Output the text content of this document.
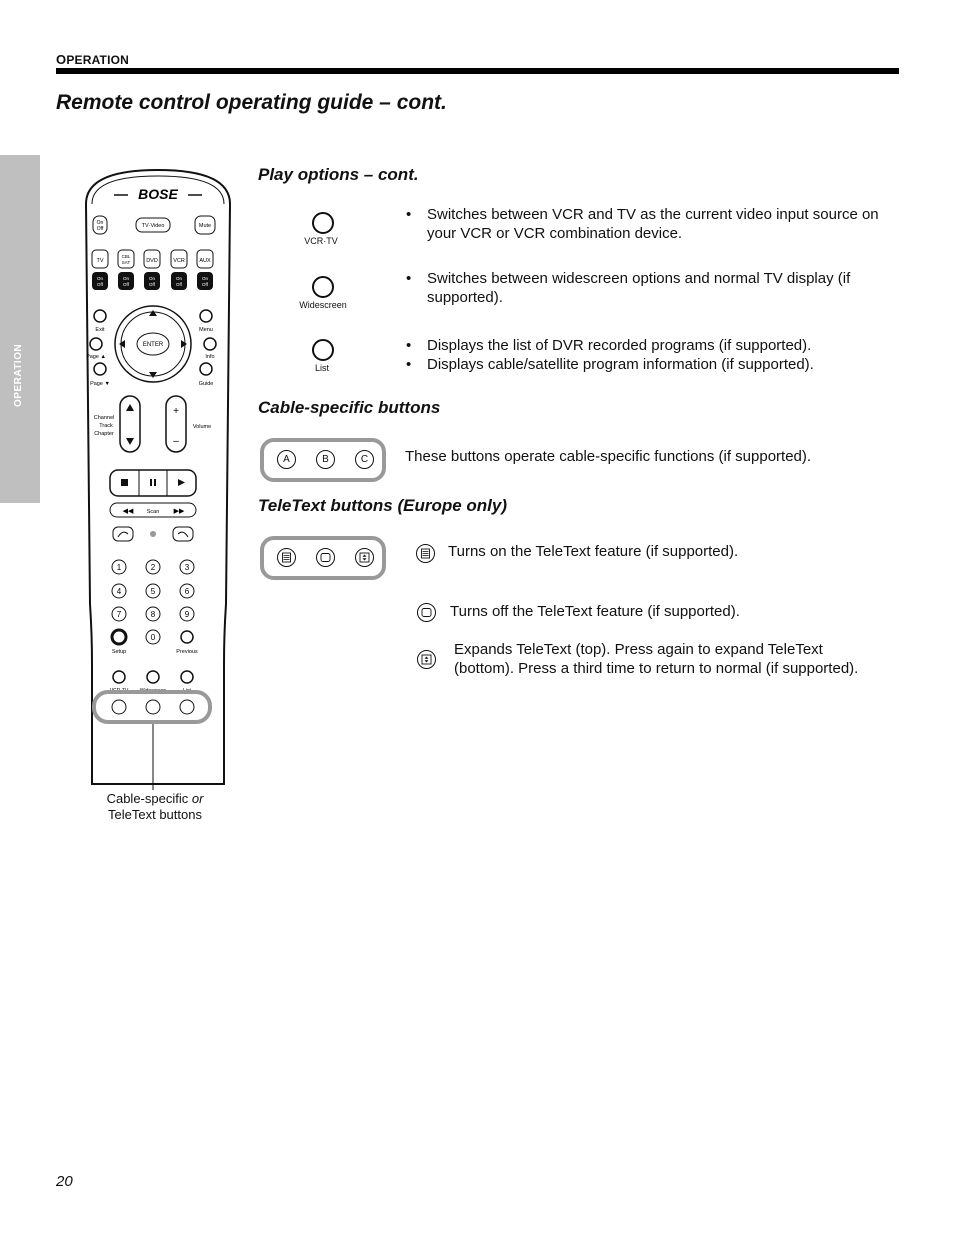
OPERATION
Remote control operating guide – cont.
OPERATION
BOSE
On
Off	TV·Video	Mute
TV
CBL
SAT	DVD	VCR	AUX
On
Off
On
Off
On
Off
On
Off
On
Off
ENTER
Exit	Menu
Page ▲	Info
Page ▼	Guide
+
–
Channel
Track
Chapter
Volume
◀◀ Scan ▶▶
1	2	3
4	5	6
7	8	9
0
Setup	Previous
Cable-specific or
TeleText buttons
Play options – cont.
VCR·TV
• Switches between VCR and TV as the current video input source on your VCR or VCR combination device.
Widescreen
• Switches between widescreen options and normal TV display (if supported).
List
• Displays the list of DVR recorded programs (if supported).
• Displays cable/satellite program information (if supported).
Cable-specific buttons
A	B	C	These buttons operate cable-specific functions (if supported).
TeleText buttons (Europe only)
Turns on the TeleText feature (if supported).
Turns off the TeleText feature (if supported).
Expands TeleText (top). Press again to expand TeleText (bottom). Press a third time to return to normal (if supported).
20
